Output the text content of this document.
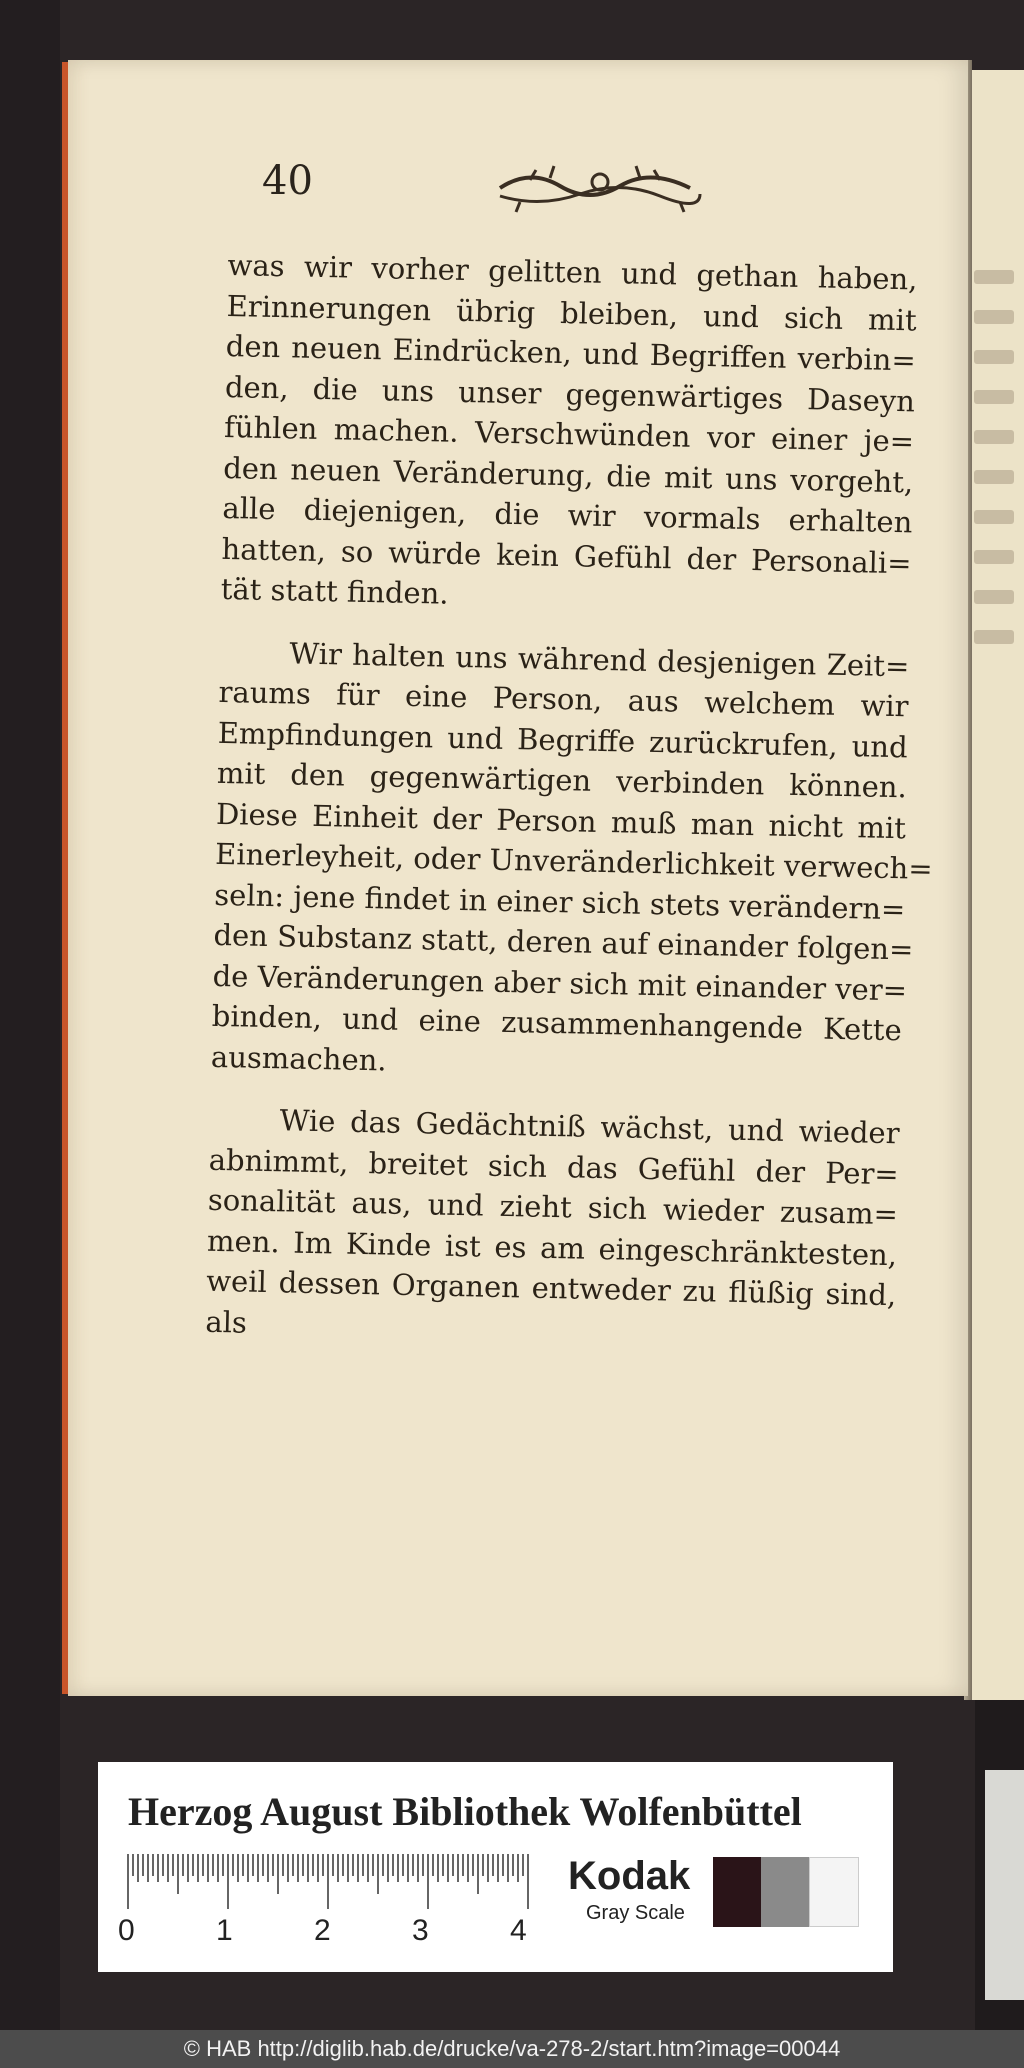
40
was wir vorher gelitten und gethan haben,
Erinnerungen übrig bleiben, und sich mit
den neuen Eindrücken, und Begriffen verbin=
den, die uns unser gegenwärtiges Daseyn
fühlen machen. Verschwünden vor einer je=
den neuen Veränderung, die mit uns vorgeht,
alle diejenigen, die wir vormals erhalten
hatten, so würde kein Gefühl der Personali=
tät statt finden.
Wir halten uns während desjenigen Zeit=
raums für eine Person, aus welchem wir
Empfindungen und Begriffe zurückrufen, und
mit den gegenwärtigen verbinden können.
Diese Einheit der Person muß man nicht mit
Einerleyheit, oder Unveränderlichkeit verwech=
seln: jene findet in einer sich stets verändern=
den Substanz statt, deren auf einander folgen=
de Veränderungen aber sich mit einander ver=
binden, und eine zusammenhangende Kette
ausmachen.
Wie das Gedächtniß wächst, und wieder
abnimmt, breitet sich das Gefühl der Per=
sonalität aus, und zieht sich wieder zusam=
men. Im Kinde ist es am eingeschränktesten,
weil dessen Organen entweder zu flüßig sind,
als
Herzog August Bibliothek Wolfenbüttel
0	1	2	3	4
Kodak
Gray Scale
© HAB http://diglib.hab.de/drucke/va-278-2/start.htm?image=00044
